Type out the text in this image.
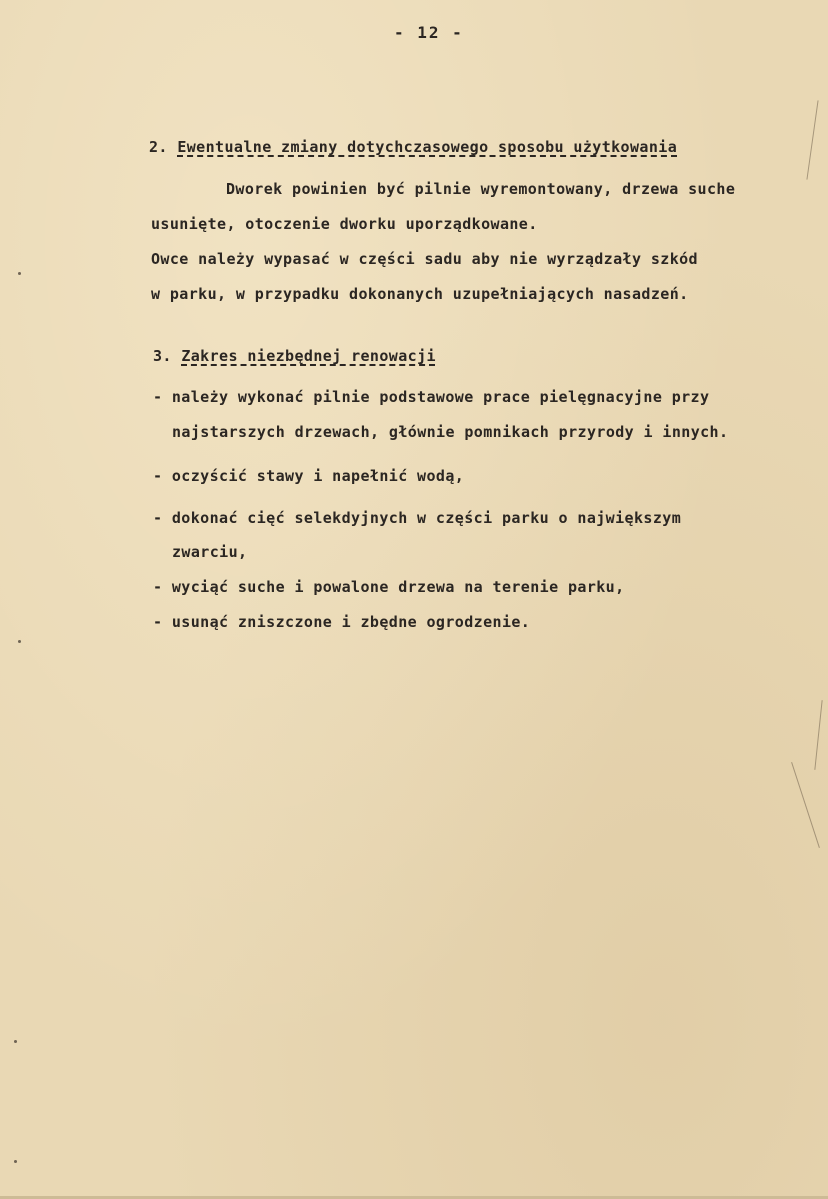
- 12 -
2. Ewentualne zmiany dotychczasowego sposobu użytkowania
Dworek powinien być pilnie wyremontowany, drzewa suche
usunięte, otoczenie dworku uporządkowane.
Owce należy wypasać w części sadu aby nie wyrządzały szkód
w parku, w przypadku dokonanych uzupełniających nasadzeń.
3. Zakres niezbędnej renowacji
- należy wykonać pilnie podstawowe prace pielęgnacyjne przy
najstarszych drzewach, głównie pomnikach przyrody i innych.
- oczyścić stawy i napełnić wodą,
- dokonać cięć selekdyjnych w części parku o największym
zwarciu,
- wyciąć suche i powalone drzewa na terenie parku,
- usunąć zniszczone i zbędne ogrodzenie.
